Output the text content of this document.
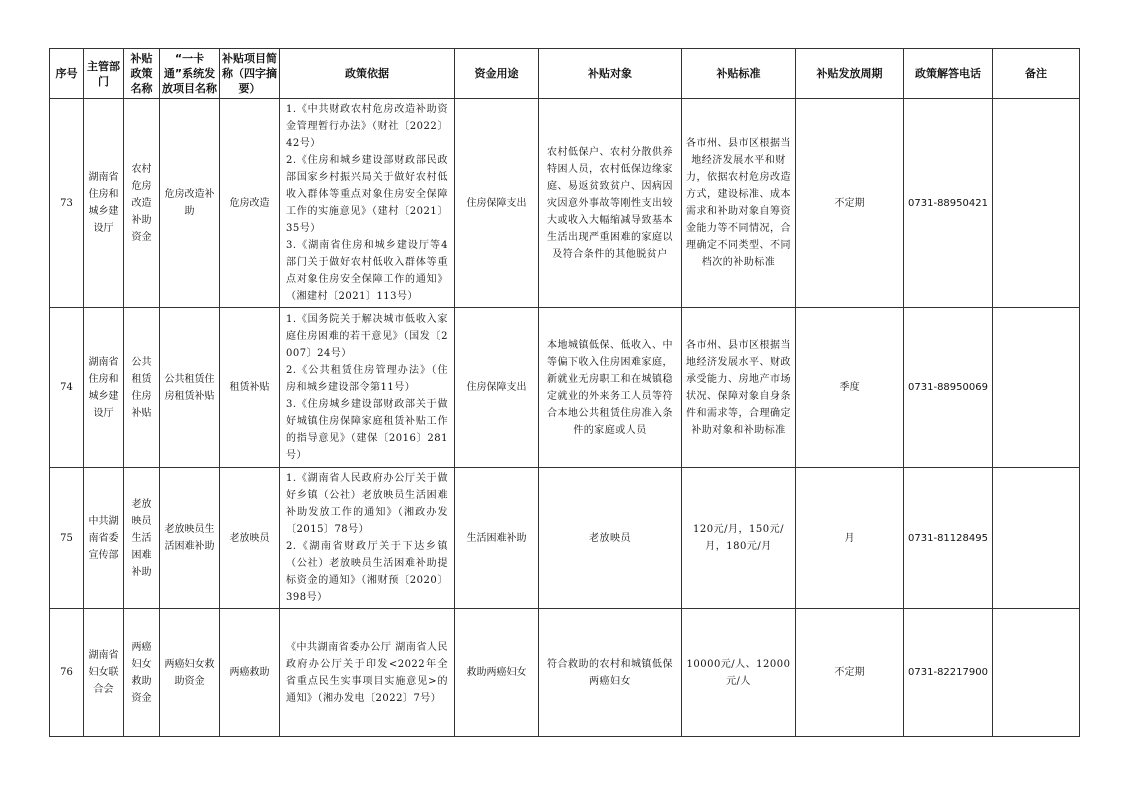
序号	主管部门	补贴政策名称	“一卡通”系统发放项目名称	补贴项目简称（四字摘要）	政策依据	资金用途	补贴对象	补贴标准	补贴发放周期	政策解答电话	备注
73	湖南省住房和城乡建设厅	农村危房改造补助资金	危房改造补助	危房改造	1.《中共财政农村危房改造补助资金管理暂行办法》（财社〔2022〕42号）
2.《住房和城乡建设部财政部民政部国家乡村振兴局关于做好农村低收入群体等重点对象住房安全保障工作的实施意见》（建村〔2021〕35号）
3.《湖南省住房和城乡建设厅等4部门关于做好农村低收入群体等重点对象住房安全保障工作的通知》（湘建村〔2021〕113号）	住房保障支出	农村低保户、农村分散供养特困人员，农村低保边缘家庭、易返贫致贫户、因病因灾因意外事故等刚性支出较大或收入大幅缩减导致基本生活出现严重困难的家庭以及符合条件的其他脱贫户	各市州、县市区根据当地经济发展水平和财力，依据农村危房改造方式，建设标准、成本需求和补助对象自筹资金能力等不同情况，合理确定不同类型、不同档次的补助标准	不定期	0731-88950421	
74	湖南省住房和城乡建设厅	公共租赁住房补贴	公共租赁住房租赁补贴	租赁补贴	1.《国务院关于解决城市低收入家庭住房困难的若干意见》（国发〔2007〕24号）
2.《公共租赁住房管理办法》（住房和城乡建设部令第11号）
3.《住房城乡建设部财政部关于做好城镇住房保障家庭租赁补贴工作的指导意见》（建保〔2016〕281号）	住房保障支出	本地城镇低保、低收入、中等偏下收入住房困难家庭，新就业无房职工和在城镇稳定就业的外来务工人员等符合本地公共租赁住房准入条件的家庭或人员	各市州、县市区根据当地经济发展水平、财政承受能力、房地产市场状况、保障对象自身条件和需求等，合理确定补助对象和补助标准	季度	0731-88950069	
75	中共湖南省委宣传部	老放映员生活困难补助	老放映员生活困难补助	老放映员	1.《湖南省人民政府办公厅关于做好乡镇（公社）老放映员生活困难补助发放工作的通知》（湘政办发〔2015〕78号）
2.《湖南省财政厅关于下达乡镇（公社）老放映员生活困难补助提标资金的通知》（湘财预〔2020〕398号）	生活困难补助	老放映员	120元/月，150元/月，180元/月	月	0731-81128495	
76	湖南省妇女联合会	两癌妇女救助资金	两癌妇女救助资金	两癌救助	《中共湖南省委办公厅 湖南省人民政府办公厅关于印发<2022年全省重点民生实事项目实施意见>的通知》（湘办发电〔2022〕7号）	救助两癌妇女	符合救助的农村和城镇低保两癌妇女	10000元/人、12000元/人	不定期	0731-82217900	
